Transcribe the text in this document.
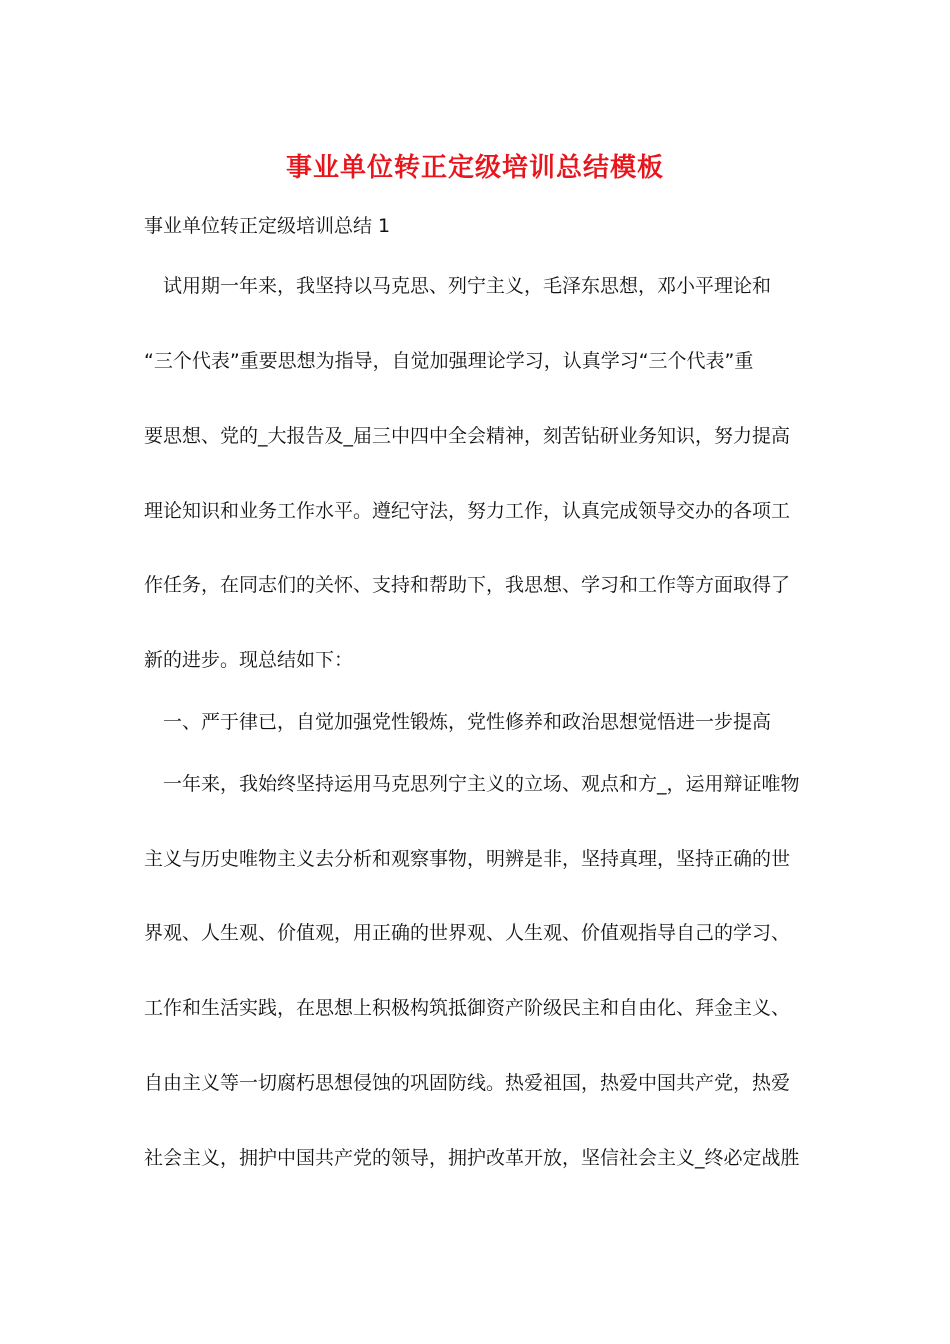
事业单位转正定级培训总结模板
事业单位转正定级培训总结 1
试用期一年来，我坚持以马克思、列宁主义，毛泽东思想，邓小平理论和
“三个代表”重要思想为指导，自觉加强理论学习，认真学习“三个代表”重
要思想、党的_大报告及_届三中四中全会精神，刻苦钻研业务知识，努力提高
理论知识和业务工作水平。遵纪守法，努力工作，认真完成领导交办的各项工
作任务，在同志们的关怀、支持和帮助下，我思想、学习和工作等方面取得了
新的进步。现总结如下：
一、严于律已，自觉加强党性锻炼，党性修养和政治思想觉悟进一步提高
一年来，我始终坚持运用马克思列宁主义的立场、观点和方_，运用辩证唯物
主义与历史唯物主义去分析和观察事物，明辨是非，坚持真理，坚持正确的世
界观、人生观、价值观，用正确的世界观、人生观、价值观指导自己的学习、
工作和生活实践，在思想上积极构筑抵御资产阶级民主和自由化、拜金主义、
自由主义等一切腐朽思想侵蚀的巩固防线。热爱祖国，热爱中国共产党，热爱
社会主义，拥护中国共产党的领导，拥护改革开放，坚信社会主义_终必定战胜
